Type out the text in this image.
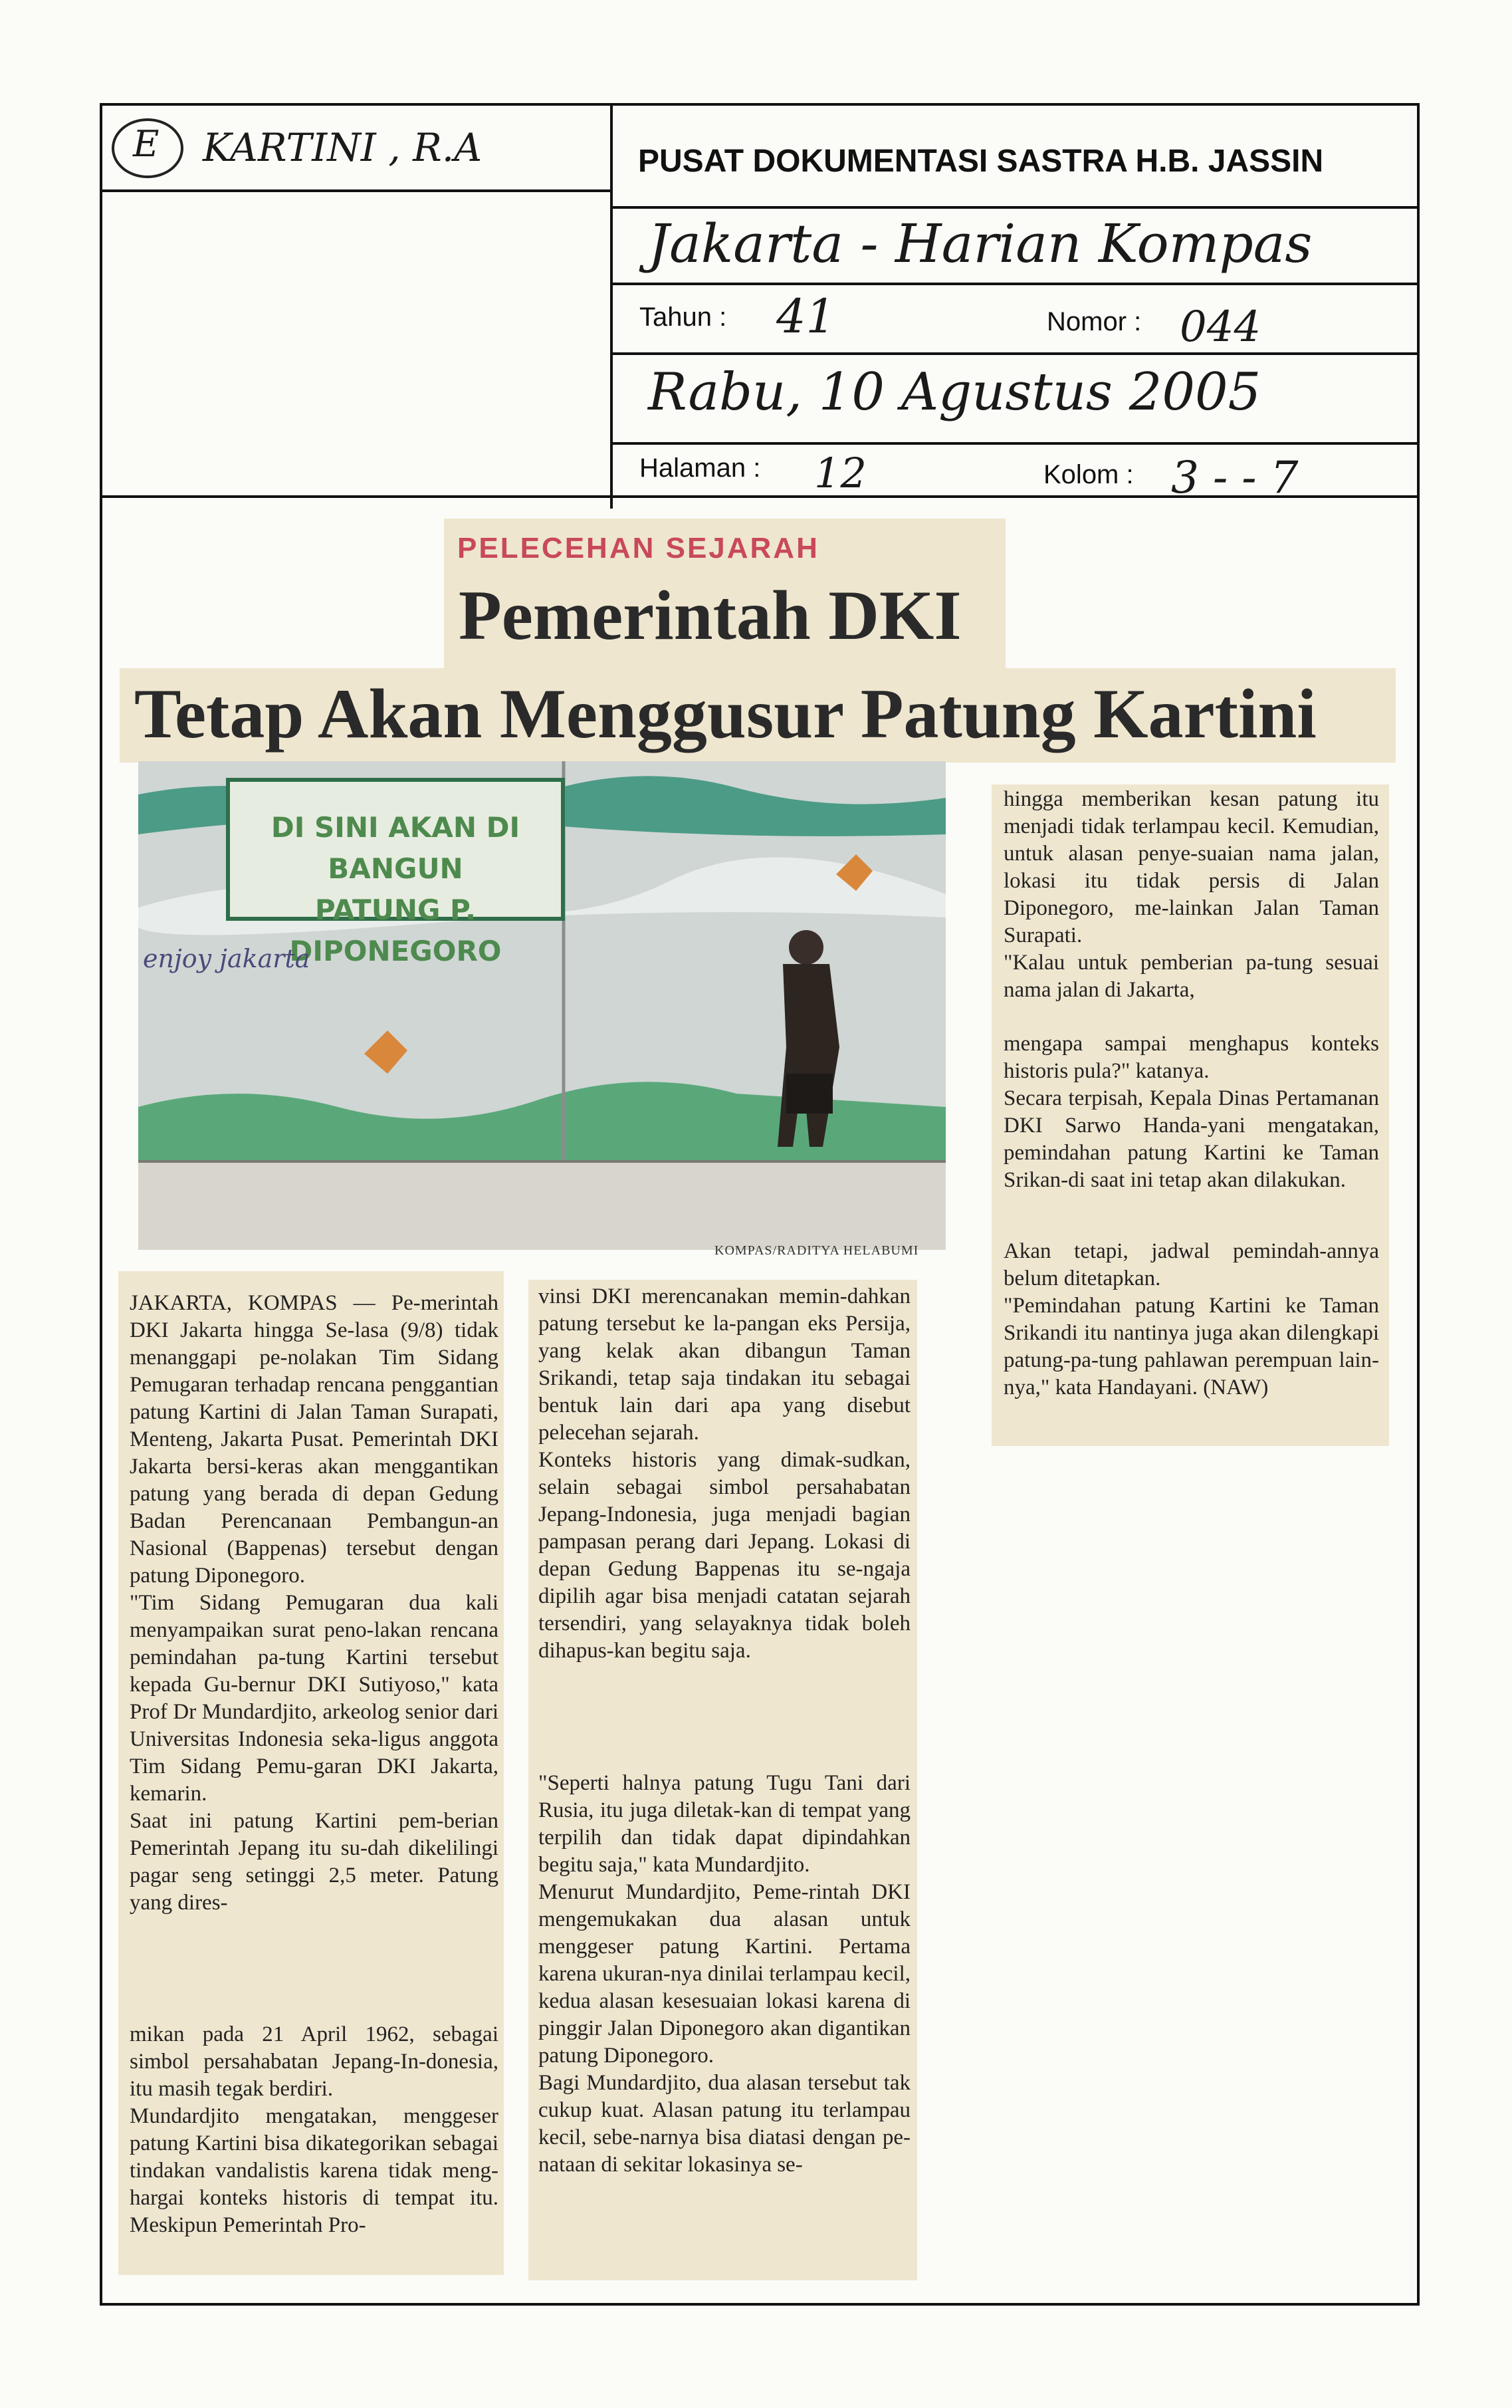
E KARTINI , R.A	PUSAT DOKUMENTASI SASTRA H.B. JASSIN
Jakarta - Harian Kompas
Tahun : 41	Nomor : 044
Rabu, 10 Agustus 2005
Halaman : 12	Kolom : 3 - - 7
PELECEHAN SEJARAH
Pemerintah DKI
Tetap Akan Menggusur Patung Kartini
DI SINI AKAN DI BANGUN
PATUNG P. DIPONEGORO
enjoy jakarta
KOMPAS/RADITYA HELABUMI
hingga memberikan kesan patung itu menjadi tidak terlampau kecil. Kemudian, untuk alasan penye-suaian nama jalan, lokasi itu tidak persis di Jalan Diponegoro, me-lainkan Jalan Taman Surapati.
"Kalau untuk pemberian pa-tung sesuai nama jalan di Jakarta,
mengapa sampai menghapus konteks historis pula?" katanya.
Secara terpisah, Kepala Dinas Pertamanan DKI Sarwo Handa-yani mengatakan, pemindahan patung Kartini ke Taman Srikan-di saat ini tetap akan dilakukan.
Akan tetapi, jadwal pemindah-annya belum ditetapkan.
"Pemindahan patung Kartini ke Taman Srikandi itu nantinya juga akan dilengkapi patung-pa-tung pahlawan perempuan lain-nya," kata Handayani. (NAW)
JAKARTA, KOMPAS — Pe-merintah DKI Jakarta hingga Se-lasa (9/8) tidak menanggapi pe-nolakan Tim Sidang Pemugaran terhadap rencana penggantian patung Kartini di Jalan Taman Surapati, Menteng, Jakarta Pusat. Pemerintah DKI Jakarta bersi-keras akan menggantikan patung yang berada di depan Gedung Badan Perencanaan Pembangun-an Nasional (Bappenas) tersebut dengan patung Diponegoro.
"Tim Sidang Pemugaran dua kali menyampaikan surat peno-lakan rencana pemindahan pa-tung Kartini tersebut kepada Gu-bernur DKI Sutiyoso," kata Prof Dr Mundardjito, arkeolog senior dari Universitas Indonesia seka-ligus anggota Tim Sidang Pemu-garan DKI Jakarta, kemarin.
Saat ini patung Kartini pem-berian Pemerintah Jepang itu su-dah dikelilingi pagar seng setinggi 2,5 meter. Patung yang dires-
mikan pada 21 April 1962, sebagai simbol persahabatan Jepang-In-donesia, itu masih tegak berdiri.
Mundardjito mengatakan, menggeser patung Kartini bisa dikategorikan sebagai tindakan vandalistis karena tidak meng-hargai konteks historis di tempat itu. Meskipun Pemerintah Pro-
vinsi DKI merencanakan memin-dahkan patung tersebut ke la-pangan eks Persija, yang kelak akan dibangun Taman Srikandi, tetap saja tindakan itu sebagai bentuk lain dari apa yang disebut pelecehan sejarah.
Konteks historis yang dimak-sudkan, selain sebagai simbol persahabatan Jepang-Indonesia, juga menjadi bagian pampasan perang dari Jepang. Lokasi di depan Gedung Bappenas itu se-ngaja dipilih agar bisa menjadi catatan sejarah tersendiri, yang selayaknya tidak boleh dihapus-kan begitu saja.
"Seperti halnya patung Tugu Tani dari Rusia, itu juga diletak-kan di tempat yang terpilih dan tidak dapat dipindahkan begitu saja," kata Mundardjito.
Menurut Mundardjito, Peme-rintah DKI mengemukakan dua alasan untuk menggeser patung Kartini. Pertama karena ukuran-nya dinilai terlampau kecil, kedua alasan kesesuaian lokasi karena di pinggir Jalan Diponegoro akan digantikan patung Diponegoro.
Bagi Mundardjito, dua alasan tersebut tak cukup kuat. Alasan patung itu terlampau kecil, sebe-narnya bisa diatasi dengan pe-nataan di sekitar lokasinya se-
